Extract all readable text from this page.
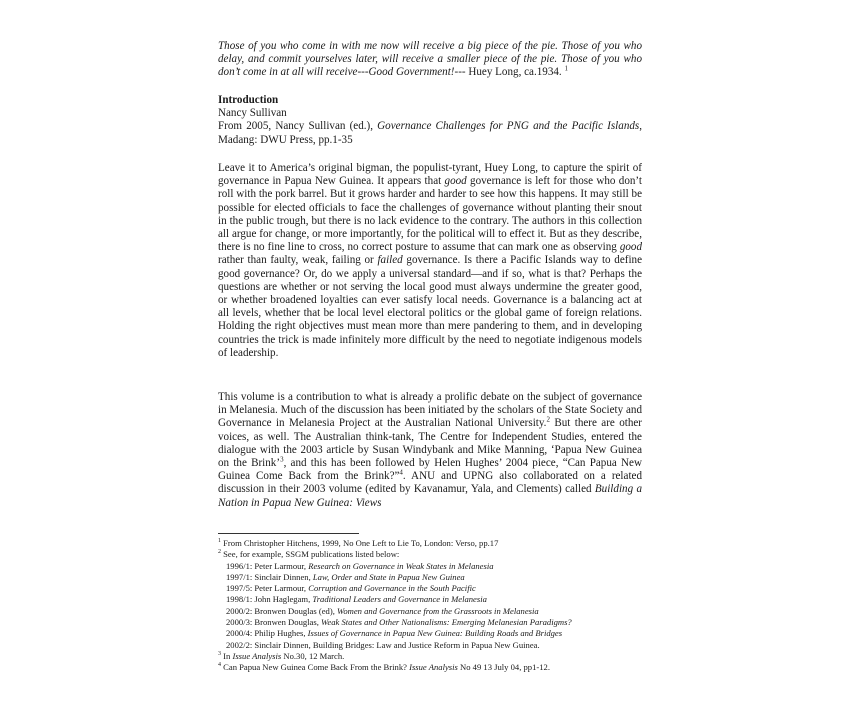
Those of you who come in with me now will receive a big piece of the pie. Those of you who delay, and commit yourselves later, will receive a smaller piece of the pie. Those of you who don’t come in at all will receive---Good Government!--- Huey Long, ca.1934. $^1$
Introduction
Nancy Sullivan
From 2005, Nancy Sullivan (ed.), Governance Challenges for PNG and the Pacific Islands, Madang: DWU Press, pp.1-35
Leave it to America’s original bigman, the populist-tyrant, Huey Long, to capture the spirit of governance in Papua New Guinea. It appears that good governance is left for those who don’t roll with the pork barrel. But it grows harder and harder to see how this happens. It may still be possible for elected officials to face the challenges of governance without planting their snout in the public trough, but there is no lack evidence to the contrary. The authors in this collection all argue for change, or more importantly, for the political will to effect it. But as they describe, there is no fine line to cross, no correct posture to assume that can mark one as observing good rather than faulty, weak, failing or failed governance. Is there a Pacific Islands way to define good governance? Or, do we apply a universal standard—and if so, what is that? Perhaps the questions are whether or not serving the local good must always undermine the greater good, or whether broadened loyalties can ever satisfy local needs. Governance is a balancing act at all levels, whether that be local level electoral politics or the global game of foreign relations. Holding the right objectives must mean more than mere pandering to them, and in developing countries the trick is made infinitely more difficult by the need to negotiate indigenous models of leadership.
This volume is a contribution to what is already a prolific debate on the subject of governance in Melanesia. Much of the discussion has been initiated by the scholars of the State Society and Governance in Melanesia Project at the Australian National University.$^2$ But there are other voices, as well. The Australian think-tank, The Centre for Independent Studies, entered the dialogue with the 2003 article by Susan Windybank and Mike Manning, ‘Papua New Guinea on the Brink’$^3$, and this has been followed by Helen Hughes’ 2004 piece, “Can Papua New Guinea Come Back from the Brink?”$^4$. ANU and UPNG also collaborated on a related discussion in their 2003 volume (edited by Kavanamur, Yala, and Clements) called Building a Nation in Papua New Guinea: Views
$^1$ From Christopher Hitchens, 1999, No One Left to Lie To, London: Verso, pp.17
$^2$ See, for example, SSGM publications listed below:
1996/1: Peter Larmour, Research on Governance in Weak States in Melanesia
1997/1: Sinclair Dinnen, Law, Order and State in Papua New Guinea
1997/5: Peter Larmour, Corruption and Governance in the South Pacific
1998/1: John Haglegam, Traditional Leaders and Governance in Melanesia
2000/2: Bronwen Douglas (ed), Women and Governance from the Grassroots in Melanesia
2000/3: Bronwen Douglas, Weak States and Other Nationalisms: Emerging Melanesian Paradigms?
2000/4: Philip Hughes, Issues of Governance in Papua New Guinea: Building Roads and Bridges
2002/2: Sinclair Dinnen, Building Bridges: Law and Justice Reform in Papua New Guinea.
$^3$ In Issue Analysis No.30, 12 March.
$^4$ Can Papua New Guinea Come Back From the Brink? Issue Analysis No 49 13 July 04, pp1-12.
